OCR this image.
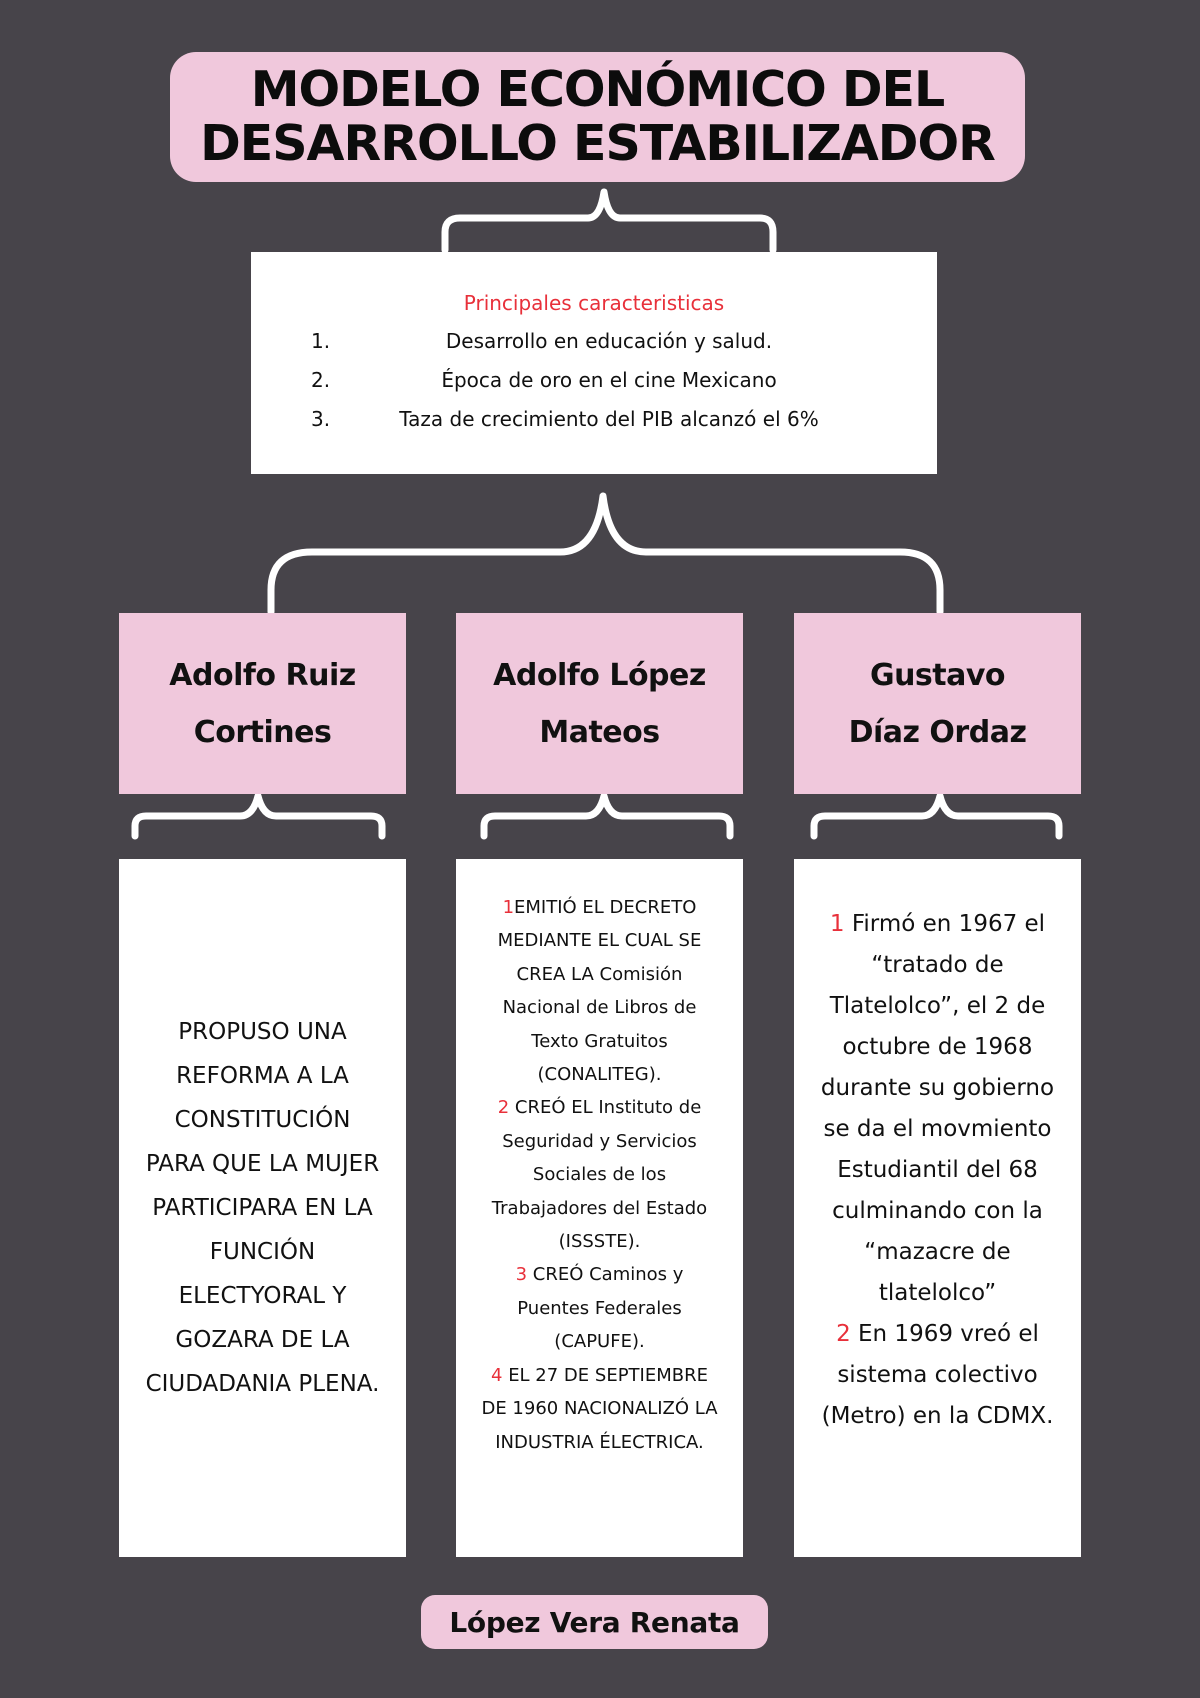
MODELO ECONÓMICO DEL
DESARROLLO ESTABILIZADOR
Principales caracteristicas
1.	Desarrollo en educación y salud.
2.	Época de oro en el cine Mexicano
3.	Taza de crecimiento del PIB alcanzó el 6%
Adolfo Ruiz
Cortines
Adolfo López
Mateos
Gustavo
Díaz Ordaz
PROPUSO UNA REFORMA A LA CONSTITUCIÓN PARA QUE LA MUJER PARTICIPARA EN LA FUNCIÓN ELECTYORAL Y GOZARA DE LA CIUDADANIA PLENA.
1EMITIÓ EL DECRETO MEDIANTE EL CUAL SE CREA LA Comisión Nacional de Libros de Texto Gratuitos (CONALITEG).
2 CREÓ EL Instituto de Seguridad y Servicios Sociales de los Trabajadores del Estado (ISSSTE).
3 CREÓ Caminos y Puentes Federales (CAPUFE).
4 EL 27 DE SEPTIEMBRE DE 1960 NACIONALIZÓ LA INDUSTRIA ÉLECTRICA.
1 Firmó en 1967 el “tratado de Tlatelolco”, el 2 de octubre de 1968 durante su gobierno se da el movmiento Estudiantil del 68 culminando con la “mazacre de tlatelolco”
2 En 1969 vreó el sistema colectivo (Metro) en la CDMX.
López Vera Renata
